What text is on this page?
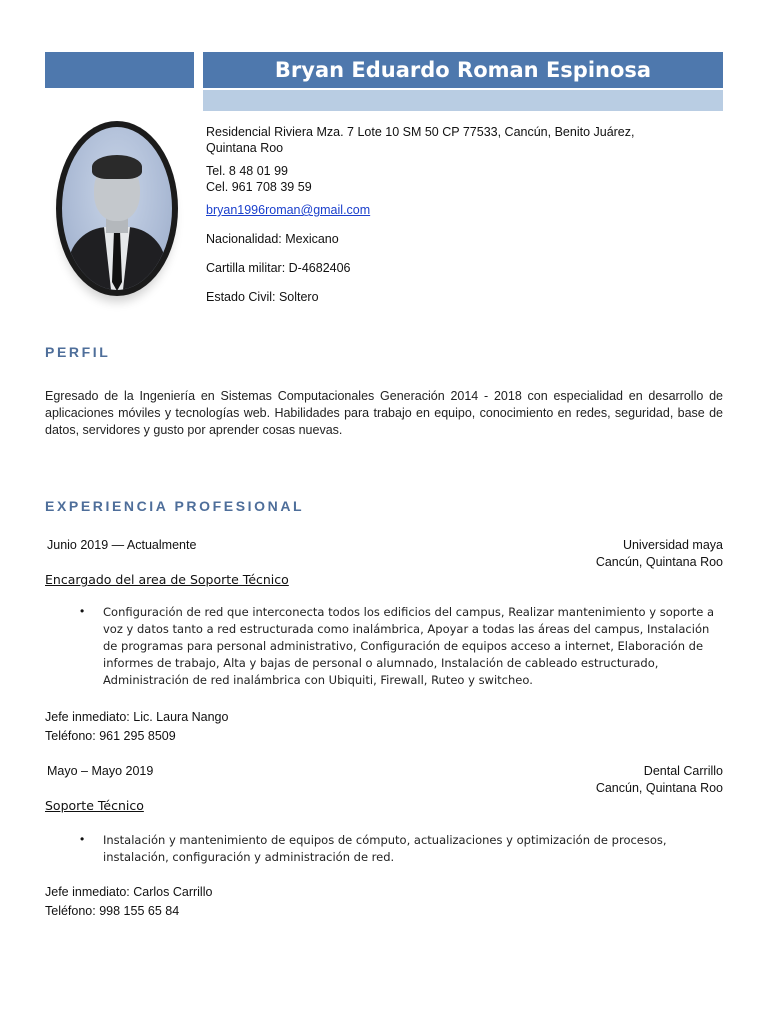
Bryan Eduardo Roman Espinosa
Residencial Riviera Mza. 7 Lote 10 SM 50 CP 77533, Cancún, Benito Juárez,
Quintana Roo
Tel. 8 48 01 99
Cel. 961 708 39 59
bryan1996roman@gmail.com
Nacionalidad: Mexicano
Cartilla militar: D-4682406
Estado Civil: Soltero
PERFIL
Egresado de la Ingeniería en Sistemas Computacionales Generación 2014 - 2018 con especialidad en desarrollo de aplicaciones móviles y tecnologías web. Habilidades para trabajo en equipo, conocimiento en redes, seguridad, base de datos, servidores y gusto por aprender cosas nuevas.
EXPERIENCIA PROFESIONAL
Junio 2019 — Actualmente	Universidad maya
Cancún, Quintana Roo
Encargado del area de Soporte Técnico
• Configuración de red que interconecta todos los edificios del campus, Realizar mantenimiento y soporte a voz y datos tanto a red estructurada como inalámbrica, Apoyar a todas las áreas del campus, Instalación de programas para personal administrativo, Configuración de equipos acceso a internet, Elaboración de informes de trabajo, Alta y bajas de personal o alumnado, Instalación de cableado estructurado, Administración de red inalámbrica con Ubiquiti, Firewall, Ruteo y switcheo.
Jefe inmediato: Lic. Laura Nango
Teléfono: 961 295 8509
Mayo – Mayo 2019	Dental Carrillo
Cancún, Quintana Roo
Soporte Técnico
• Instalación y mantenimiento de equipos de cómputo, actualizaciones y optimización de procesos, instalación, configuración y administración de red.
Jefe inmediato: Carlos Carrillo
Teléfono: 998 155 65 84
